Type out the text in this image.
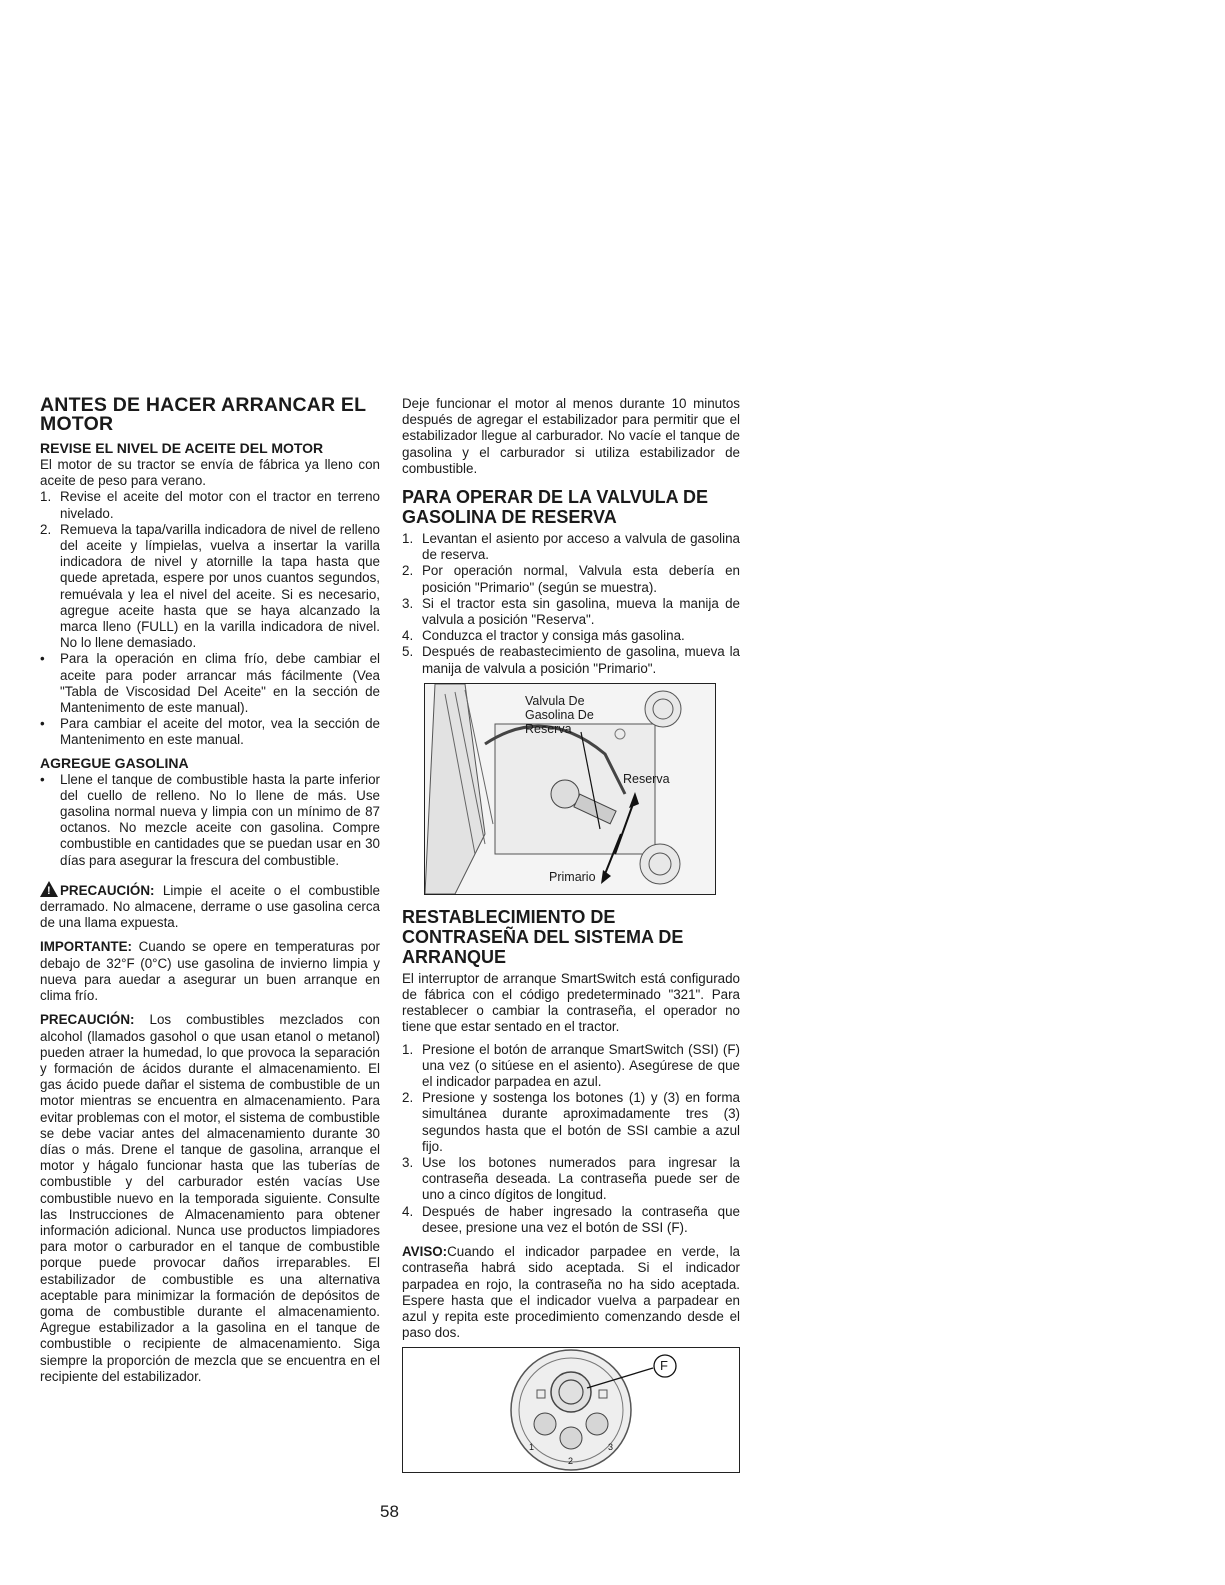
ANTES DE HACER ARRANCAR EL MOTOR
REVISE EL NIVEL DE ACEITE DEL MOTOR

El motor de su tractor se envía de fábrica ya lleno con aceite de peso para verano.

1. Revise el aceite del motor con el tractor en terreno nivelado.
2. Remueva la tapa/varilla indicadora de nivel de relleno del aceite y límpielas, vuelva a insertar la varilla indicadora de nivel y atornille la tapa hasta que quede apretada, espere por unos cuantos segundos, remuévala y lea el nivel del aceite. Si es necesario, agregue aceite hasta que se haya alcanzado la marca lleno (FULL) en la varilla indicadora de nivel. No lo llene demasiado.
• Para la operación en clima frío, debe cambiar el aceite para poder arrancar más fácilmente (Vea "Tabla de Viscosidad Del Aceite" en la sección de Mantenimento de este manual).
• Para cambiar el aceite del motor, vea la sección de Mantenimento en este manual.
AGREGUE GASOLINA
• Llene el tanque de combustible hasta la parte inferior del cuello de relleno. No lo llene de más. Use gasolina normal nueva y limpia con un mínimo de 87 octanos. No mezcle aceite con gasolina. Compre combustible en cantidades que se puedan usar en 30 días para asegurar la frescura del combustible.

!PRECAUCIÓN: Limpie el aceite o el combustible derramado. No almacene, derrame o use gasolina cerca de una llama expuesta.

IMPORTANTE: Cuando se opere en temperaturas por debajo de 32°F (0°C) use gasolina de invierno limpia y nueva para auedar a asegurar un buen arranque en clima frío.

PRECAUCIÓN: Los combustibles mezclados con alcohol (llamados gasohol o que usan etanol o metanol) pueden atraer la humedad, lo que provoca la separación y formación de ácidos durante el almacenamiento. El gas ácido puede dañar el sistema de combustible de un motor mientras se encuentra en almacenamiento. Para evitar problemas con el motor, el sistema de combustible se debe vaciar antes del almacenamiento durante 30 días o más. Drene el tanque de gasolina, arranque el motor y hágalo funcionar hasta que las tuberías de combustible y del carburador estén vacías Use combustible nuevo en la temporada siguiente. Consulte las Instrucciones de Almacenamiento para obtener información adicional. Nunca use productos limpiadores para motor o carburador en el tanque de combustible porque puede provocar daños irreparables. El estabilizador de combustible es una alternativa aceptable para minimizar la formación de depósitos de goma de combustible durante el almacenamiento. Agregue estabilizador a la gasolina en el tanque de combustible o recipiente de almacenamiento. Siga siempre la proporción de mezcla que se encuentra en el recipiente del estabilizador.

Deje funcionar el motor al menos durante 10 minutos después de agregar el estabilizador para permitir que el estabilizador llegue al carburador. No vacíe el tanque de gasolina y el carburador si utiliza estabilizador de combustible.

PARA OPERAR DE LA VALVULA DE GASOLINA DE RESERVA
1. Levantan el asiento por acceso a valvula de gasolina de reserva.
2. Por operación normal, Valvula esta debería en posición "Primario" (según se muestra).
3. Si el tractor esta sin gasolina, mueva la manija de valvula a posición "Reserva".
4. Conduzca el tractor y consiga más gasolina.
5. Después de reabastecimiento de gasolina, mueva la manija de valvula a posición "Primario".
Valvula De Gasolina De Reserva
Reserva
Primario
RESTABLECIMIENTO DE CONTRASEÑA DEL SISTEMA DE ARRANQUE

El interruptor de arranque SmartSwitch está configurado de fábrica con el código predeterminado "321". Para restablecer o cambiar la contraseña, el operador no tiene que estar sentado en el tractor.

1. Presione el botón de arranque SmartSwitch (SSI) (F) una vez (o sitúese en el asiento). Asegúrese de que el indicador parpadea en azul.
2. Presione y sostenga los botones (1) y (3) en forma simultánea durante aproximadamente tres (3) segundos hasta que el botón de SSI cambie a azul fijo.
3. Use los botones numerados para ingresar la contraseña deseada. La contraseña puede ser de uno a cinco dígitos de longitud.
4. Después de haber ingresado la contraseña que desee, presione una vez el botón de SSI (F).

AVISO:Cuando el indicador parpadee en verde, la contraseña habrá sido aceptada. Si el indicador parpadea en rojo, la contraseña no ha sido aceptada. Espere hasta que el indicador vuelva a parpadear en azul y repita este procedimiento comenzando desde el paso dos.

F
1
2
3
58
